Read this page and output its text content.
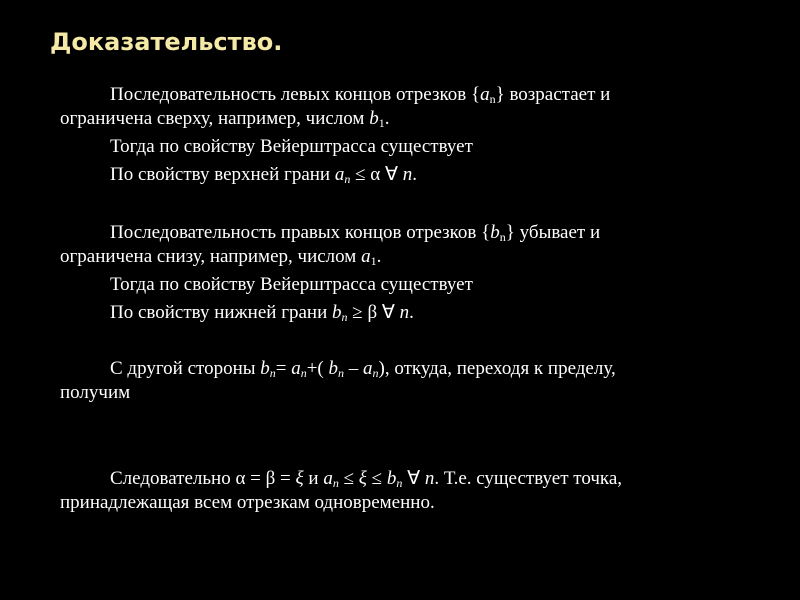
Доказательство.
Последовательность левых концов отрезков $\{a_n\}$ возрастает и
ограничена сверху, например, числом $b_1$.
Тогда по свойству Вейерштрасса существует
По свойству верхней грани $a_n \le \alpha$ ∀ n.
Последовательность правых концов отрезков $\{b_n\}$ убывает и
ограничена снизу, например, числом $a_1$.
Тогда по свойству Вейерштрасса существует
По свойству нижней грани $b_n \ge \beta$ ∀ n.
С другой стороны $b_n= a_n+$( $b_n - a_n$), откуда, переходя к пределу,
получим
Следовательно α = β = ξ и $a_n \le \xi \le b_n$ ∀ n. Т.е. существует точка,
принадлежащая всем отрезкам одновременно.
